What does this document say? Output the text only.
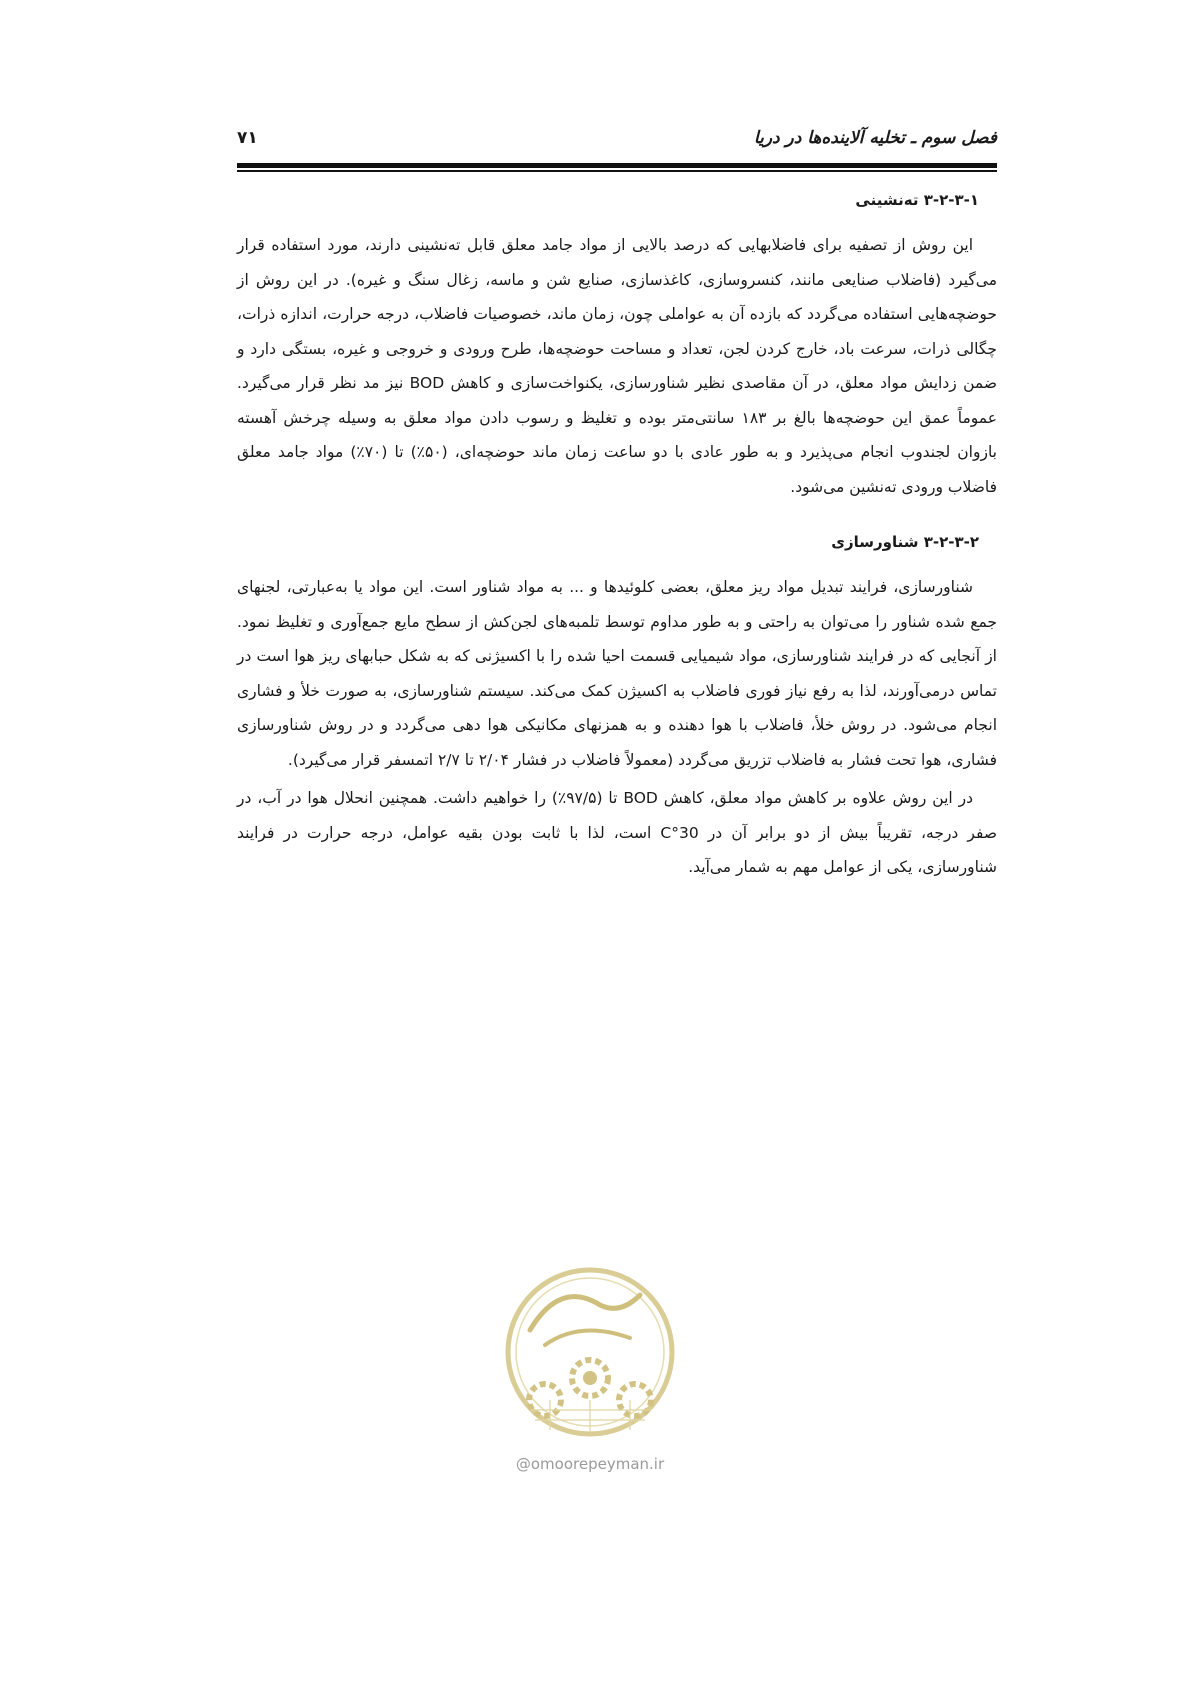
فصل سوم ـ تخلیه آلاینده‌ها در دریا
۷۱
۳-۲-۳-۱ ته‌نشینی

این روش از تصفیه برای فاضلابهایی که درصد بالایی از مواد جامد معلق قابل ته‌نشینی دارند، مورد استفاده قرار می‌گیرد (فاضلاب صنایعی مانند، کنسروسازی، کاغذسازی، صنایع شن و ماسه، زغال سنگ و غیره). در این روش از حوضچه‌هایی استفاده می‌گردد که بازده آن به عواملی چون، زمان ماند، خصوصیات فاضلاب، درجه حرارت، اندازه ذرات، چگالی ذرات، سرعت باد، خارج کردن لجن، تعداد و مساحت حوضچه‌ها، طرح ورودی و خروجی و غیره، بستگی دارد و ضمن زدایش مواد معلق، در آن مقاصدی نظیر شناورسازی، یکنواخت‌سازی و کاهش BOD نیز مد نظر قرار می‌گیرد. عموماً عمق این حوضچه‌ها بالغ بر ۱۸۳ سانتی‌متر بوده و تغلیظ و رسوب دادن مواد معلق به وسیله چرخش آهسته بازوان لجندوب انجام می‌پذیرد و به طور عادی با دو ساعت زمان ماند حوضچه‌ای، (۵۰٪) تا (۷۰٪) مواد جامد معلق فاضلاب ورودی ته‌نشین می‌شود.

۳-۲-۳-۲ شناورسازی

شناورسازی، فرایند تبدیل مواد ریز معلق، بعضی کلوئیدها و ... به مواد شناور است. این مواد یا به‌عبارتی، لجنهای جمع شده شناور را می‌توان به راحتی و به طور مداوم توسط تلمبه‌های لجن‌کش از سطح مایع جمع‌آوری و تغلیظ نمود. از آنجایی که در فرایند شناورسازی، مواد شیمیایی قسمت احیا شده را با اکسیژنی که به شکل حبابهای ریز هوا است در تماس درمی‌آورند، لذا به رفع نیاز فوری فاضلاب به اکسیژن کمک می‌کند. سیستم شناورسازی، به صورت خلأ و فشاری انجام می‌شود. در روش خلأ، فاضلاب با هوا دهنده و به همزنهای مکانیکی هوا دهی می‌گردد و در روش شناورسازی فشاری، هوا تحت فشار به فاضلاب تزریق می‌گردد (معمولاً فاضلاب در فشار ۲/۰۴ تا ۲/۷ اتمسفر قرار می‌گیرد).

در این روش علاوه بر کاهش مواد معلق، کاهش BOD تا (۹۷/۵٪) را خواهیم داشت. همچنین انحلال هوا در آب، در صفر درجه، تقریباً بیش از دو برابر آن در 30°C است، لذا با ثابت بودن بقیه عوامل، درجه حرارت در فرایند شناورسازی، یکی از عوامل مهم به شمار می‌آید.

@omoorepeyman.ir
